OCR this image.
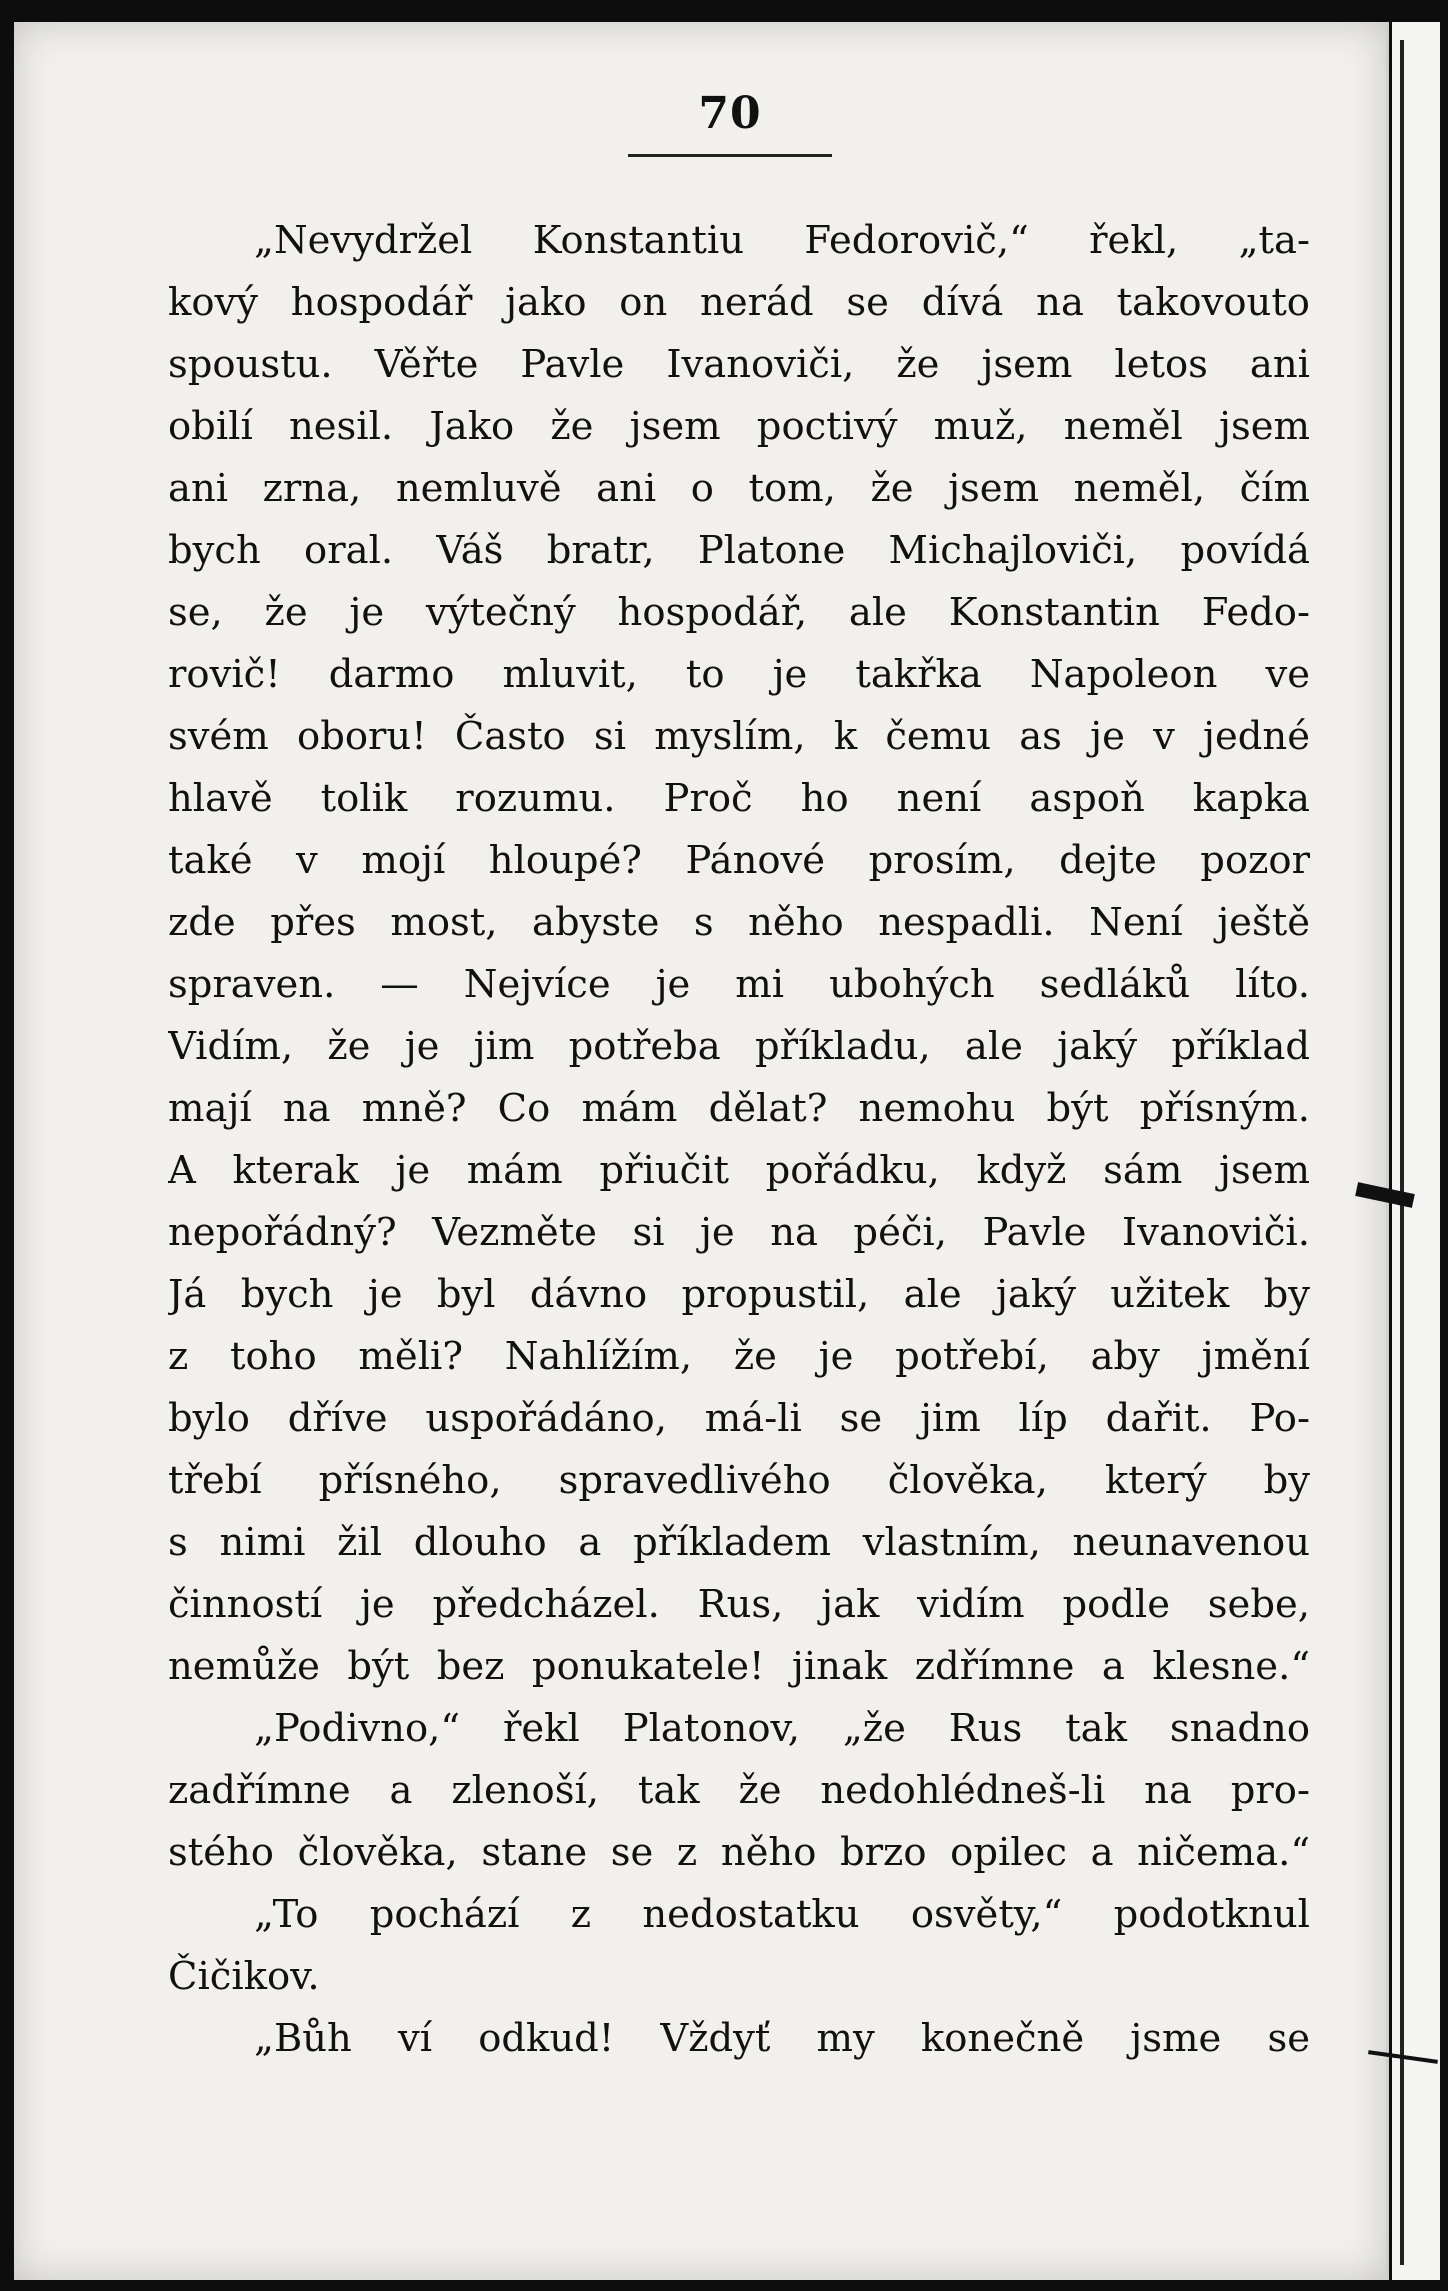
70
„Nevydržel Konstantiu Fedorovič,“ řekl, „ta-
kový hospodář jako on nerád se dívá na takovouto
spoustu. Věřte Pavle Ivanoviči, že jsem letos ani
obilí nesil. Jako že jsem poctivý muž, neměl jsem
ani zrna, nemluvě ani o tom, že jsem neměl, čím
bych oral. Váš bratr, Platone Michajloviči, povídá
se, že je výtečný hospodář, ale Konstantin Fedo-
rovič! darmo mluvit, to je takřka Napoleon ve
svém oboru! Často si myslím, k čemu as je v jedné
hlavě tolik rozumu. Proč ho není aspoň kapka
také v mojí hloupé? Pánové prosím, dejte pozor
zde přes most, abyste s něho nespadli. Není ještě
spraven. — Nejvíce je mi ubohých sedláků líto.
Vidím, že je jim potřeba příkladu, ale jaký příklad
mají na mně? Co mám dělat? nemohu být přísným.
A kterak je mám přiučit pořádku, když sám jsem
nepořádný? Vezměte si je na péči, Pavle Ivanoviči.
Já bych je byl dávno propustil, ale jaký užitek by
z toho měli? Nahlížím, že je potřebí, aby jmění
bylo dříve uspořádáno, má-li se jim líp dařit. Po-
třebí přísného, spravedlivého člověka, který by
s nimi žil dlouho a příkladem vlastním, neunavenou
činností je předcházel. Rus, jak vidím podle sebe,
nemůže být bez ponukatele! jinak zdřímne a klesne.“
„Podivno,“ řekl Platonov, „že Rus tak snadno
zadřímne a zlenoší, tak že nedohlédneš-li na pro-
stého člověka, stane se z něho brzo opilec a ničema.“
„To pochází z nedostatku osvěty,“ podotknul
Čičikov.
„Bůh ví odkud! Vždyť my konečně jsme se
